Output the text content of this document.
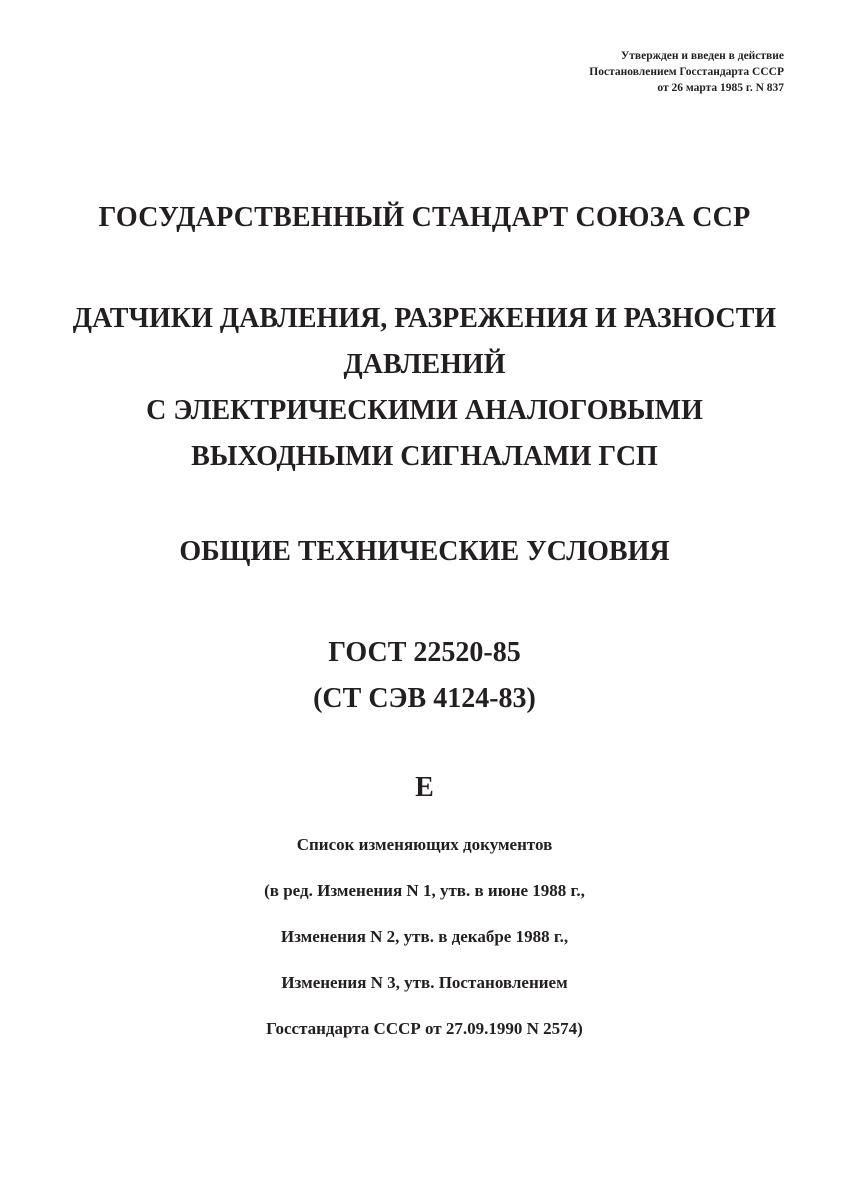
Утвержден и введен в действие
Постановлением Госстандарта СССР
от 26 марта 1985 г. N 837
ГОСУДАРСТВЕННЫЙ СТАНДАРТ СОЮЗА ССР
ДАТЧИКИ ДАВЛЕНИЯ, РАЗРЕЖЕНИЯ И РАЗНОСТИ
ДАВЛЕНИЙ
С ЭЛЕКТРИЧЕСКИМИ АНАЛОГОВЫМИ
ВЫХОДНЫМИ СИГНАЛАМИ ГСП
ОБЩИЕ ТЕХНИЧЕСКИЕ УСЛОВИЯ
ГОСТ 22520-85
(СТ СЭВ 4124-83)
Е
Список изменяющих документов
(в ред. Изменения N 1, утв. в июне 1988 г.,
Изменения N 2, утв. в декабре 1988 г.,
Изменения N 3, утв. Постановлением
Госстандарта СССР от 27.09.1990 N 2574)
